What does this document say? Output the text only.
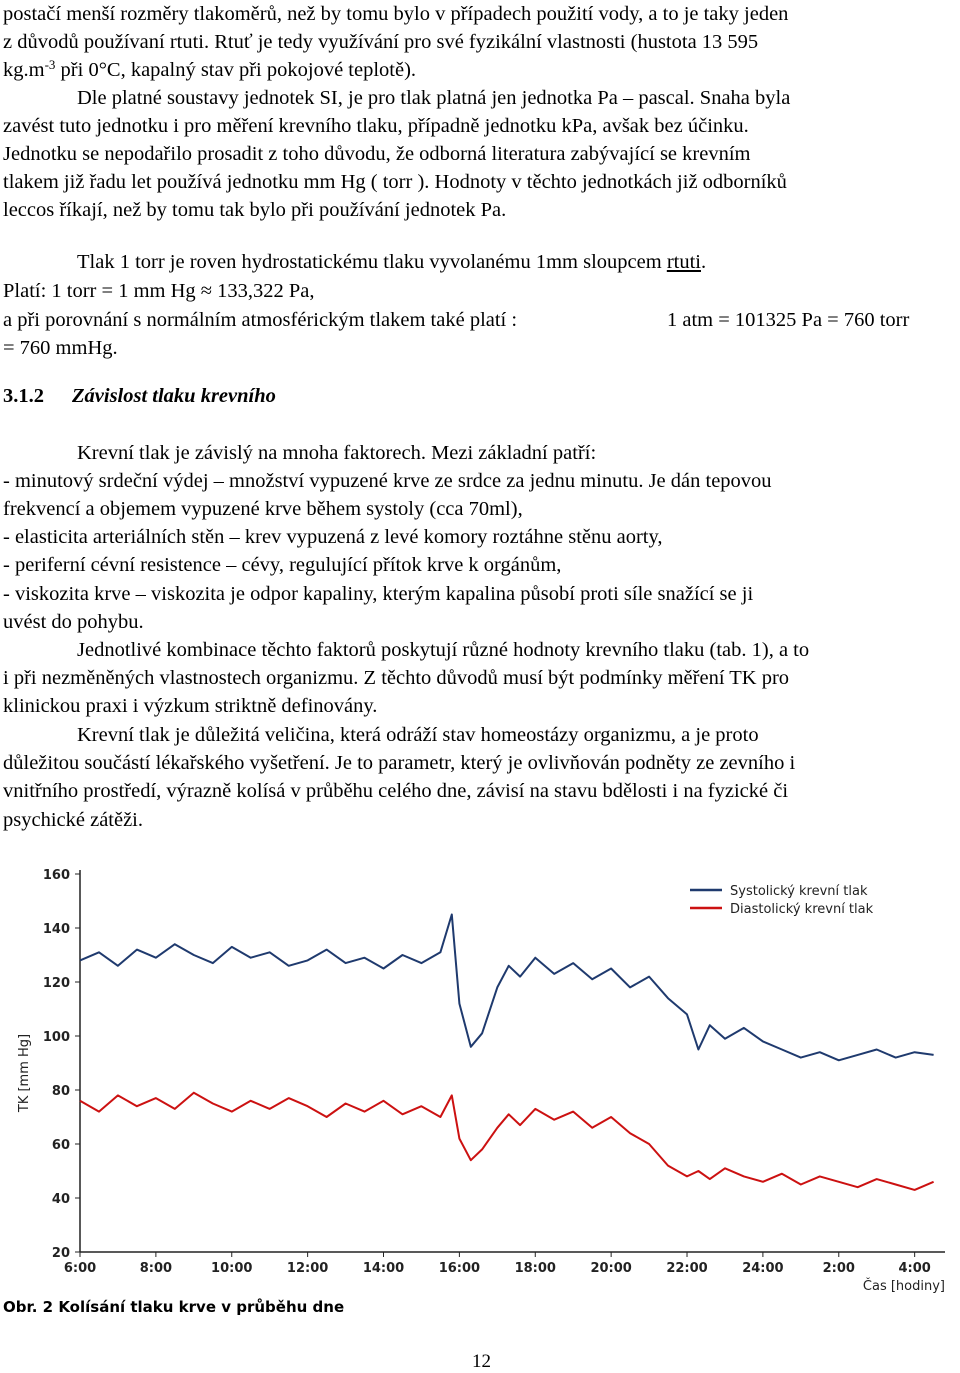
postačí menší rozměry tlakoměrů, než by tomu bylo v případech použití vody, a to je taky jeden
z důvodů používaní rtuti. Rtuť je tedy využívání pro své fyzikální vlastnosti (hustota 13 595
$kg.m^{-3}$ při 0°C, kapalný stav při pokojové teplotě).
Dle platné soustavy jednotek SI, je pro tlak platná jen jednotka Pa – pascal. Snaha byla
zavést tuto jednotku i pro měření krevního tlaku, případně jednotku kPa, avšak bez účinku.
Jednotku se nepodařilo prosadit z toho důvodu, že odborná literatura zabývající se krevním
tlakem již řadu let používá jednotku mm Hg ( torr ). Hodnoty v těchto jednotkách již odborníků
leccos říkají, než by tomu tak bylo při používání jednotek Pa.
Tlak 1 torr je roven hydrostatickému tlaku vyvolanému 1mm sloupcem rtuti.
Platí: 1 torr = 1 mm Hg ≈ 133,322 Pa,
a při porovnání s normálním atmosférickým tlakem také platí :	1 atm = 101325 Pa = 760 torr
= 760 mmHg.
3.1.2 Závislost tlaku krevního
Krevní tlak je závislý na mnoha faktorech. Mezi základní patří:
- minutový srdeční výdej – množství vypuzené krve ze srdce za jednu minutu. Je dán tepovou
frekvencí a objemem vypuzené krve během systoly (cca 70ml),
- elasticita arteriálních stěn – krev vypuzená z levé komory roztáhne stěnu aorty,
- periferní cévní resistence – cévy, regulující přítok krve k orgánům,
- viskozita krve – viskozita je odpor kapaliny, kterým kapalina působí proti síle snažící se ji
uvést do pohybu.
Jednotlivé kombinace těchto faktorů poskytují různé hodnoty krevního tlaku (tab. 1), a to
i při nezměněných vlastnostech organizmu. Z těchto důvodů musí být podmínky měření TK pro
klinickou praxi i výzkum striktně definovány.
Krevní tlak je důležitá veličina, která odráží stav homeostázy organizmu, a je proto
důležitou součástí lékařského vyšetření. Je to parametr, který je ovlivňován podněty ze zevního i
vnitřního prostředí, výrazně kolísá v průběhu celého dne, závisí na stavu bdělosti i na fyzické či
psychické zátěži.
20
40
60
80
100
120
140
160
6:00	8:00	10:00	12:00	14:00	16:00	18:00	20:00	22:00	24:00	2:00	4:00
TK [mm Hg]
Čas [hodiny]
Systolický krevní tlak
Diastolický krevní tlak
Obr. 2 Kolísání tlaku krve v průběhu dne
12
